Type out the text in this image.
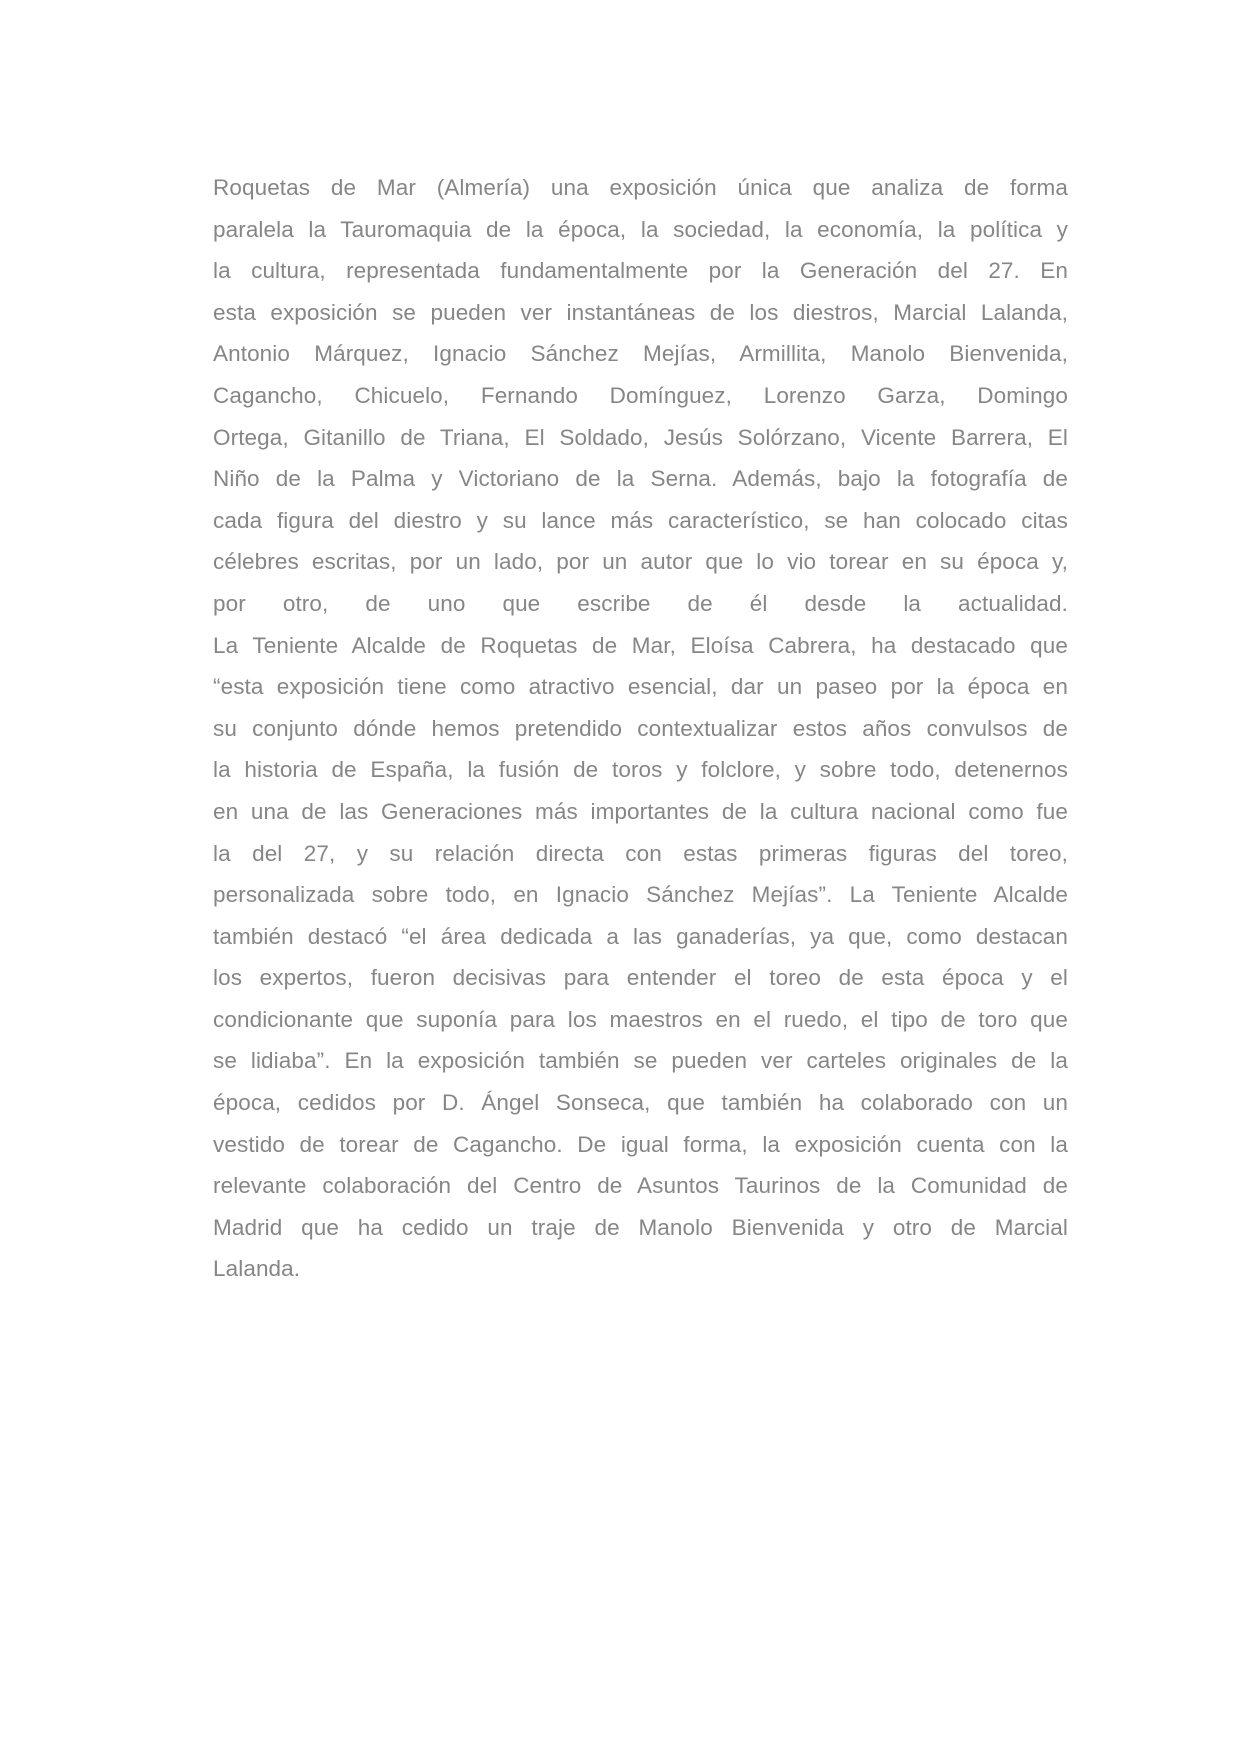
Roquetas de Mar (Almería) una exposición única que analiza de forma
paralela la Tauromaquia de la época, la sociedad, la economía, la política y
la cultura, representada fundamentalmente por la Generación del 27. En
esta exposición se pueden ver instantáneas de los diestros, Marcial Lalanda,
Antonio Márquez, Ignacio Sánchez Mejías, Armillita, Manolo Bienvenida,
Cagancho, Chicuelo, Fernando Domínguez, Lorenzo Garza, Domingo
Ortega, Gitanillo de Triana, El Soldado, Jesús Solórzano, Vicente Barrera, El
Niño de la Palma y Victoriano de la Serna. Además, bajo la fotografía de
cada figura del diestro y su lance más característico, se han colocado citas
célebres escritas, por un lado, por un autor que lo vio torear en su época y,
por otro, de uno que escribe de él desde la actualidad.
La Teniente Alcalde de Roquetas de Mar, Eloísa Cabrera, ha destacado que
“esta exposición tiene como atractivo esencial, dar un paseo por la época en
su conjunto dónde hemos pretendido contextualizar estos años convulsos de
la historia de España, la fusión de toros y folclore, y sobre todo, detenernos
en una de las Generaciones más importantes de la cultura nacional como fue
la del 27, y su relación directa con estas primeras figuras del toreo,
personalizada sobre todo, en Ignacio Sánchez Mejías”. La Teniente Alcalde
también destacó “el área dedicada a las ganaderías, ya que, como destacan
los expertos, fueron decisivas para entender el toreo de esta época y el
condicionante que suponía para los maestros en el ruedo, el tipo de toro que
se lidiaba”. En la exposición también se pueden ver carteles originales de la
época, cedidos por D. Ángel Sonseca, que también ha colaborado con un
vestido de torear de Cagancho. De igual forma, la exposición cuenta con la
relevante colaboración del Centro de Asuntos Taurinos de la Comunidad de
Madrid que ha cedido un traje de Manolo Bienvenida y otro de Marcial
Lalanda.
